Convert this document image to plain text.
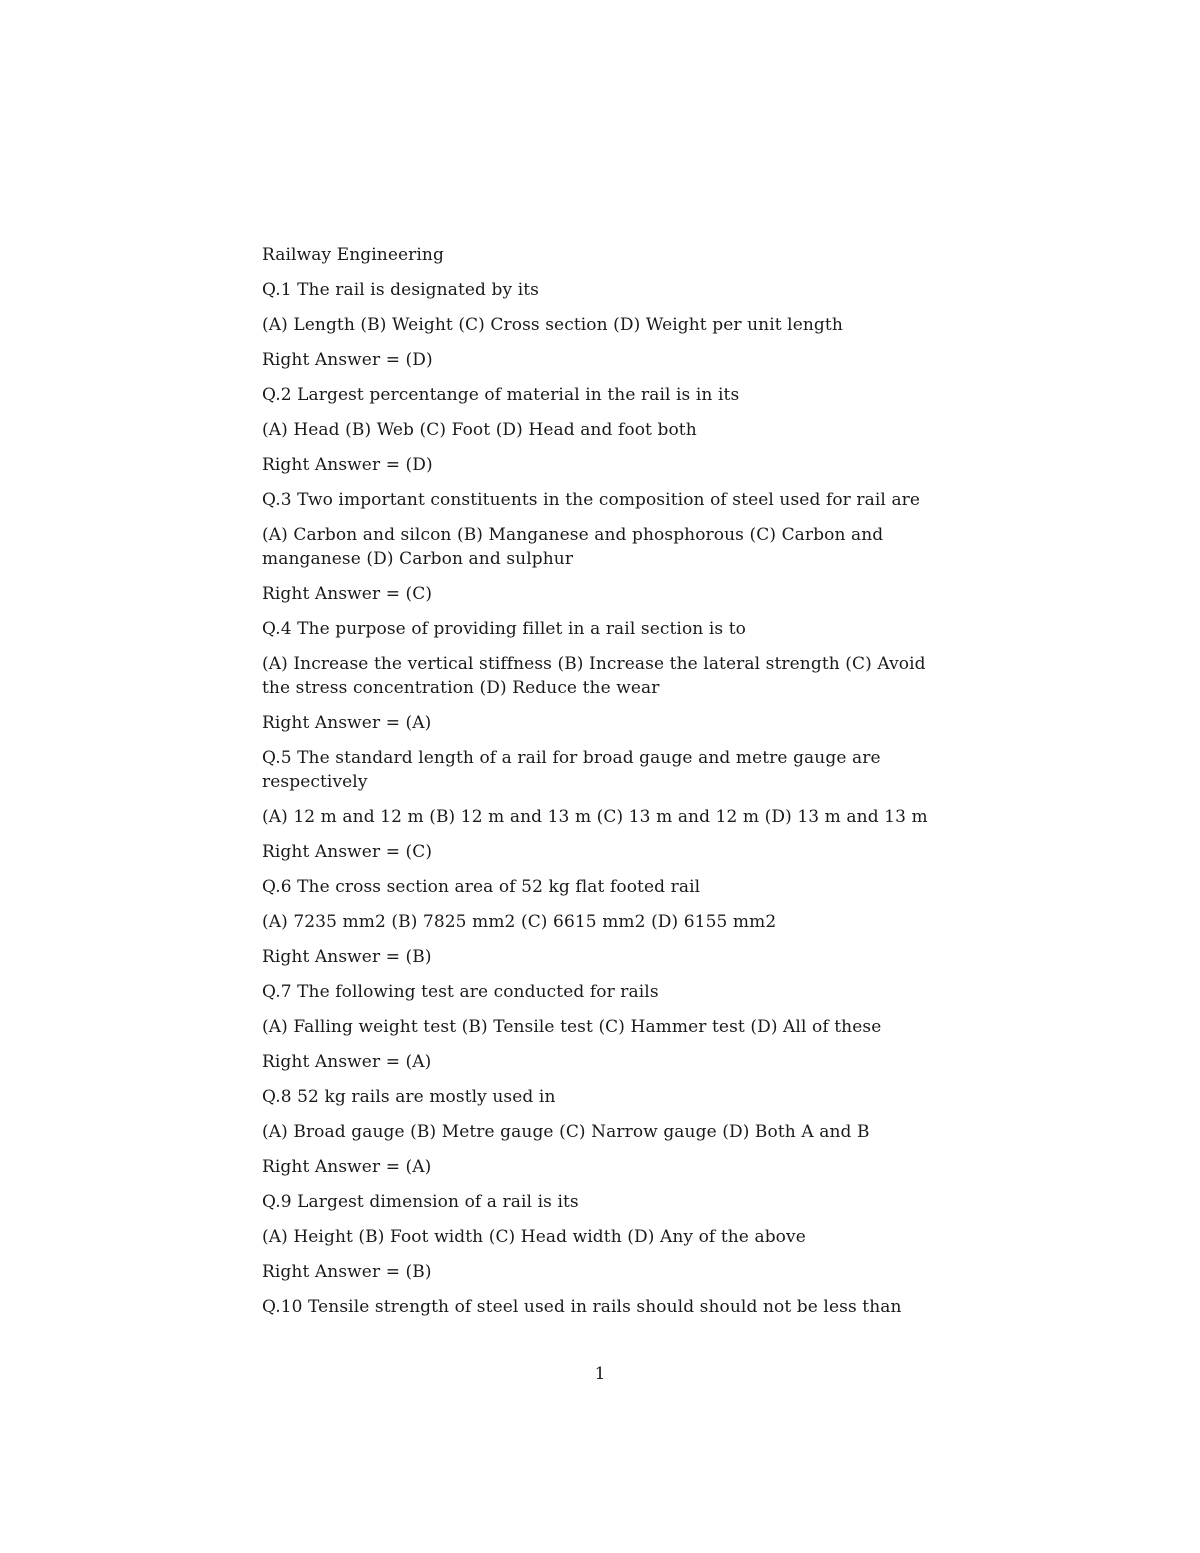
Railway Engineering

Q.1 The rail is designated by its

(A) Length (B) Weight (C) Cross section (D) Weight per unit length

Right Answer = (D)

Q.2 Largest percentange of material in the rail is in its

(A) Head (B) Web (C) Foot (D) Head and foot both

Right Answer = (D)

Q.3 Two important constituents in the composition of steel used for rail are

(A) Carbon and silcon (B) Manganese and phosphorous (C) Carbon and manganese (D) Carbon and sulphur

Right Answer = (C)

Q.4 The purpose of providing fillet in a rail section is to

(A) Increase the vertical stiffness (B) Increase the lateral strength (C) Avoid the stress concentration (D) Reduce the wear

Right Answer = (A)

Q.5 The standard length of a rail for broad gauge and metre gauge are respectively

(A) 12 m and 12 m (B) 12 m and 13 m (C) 13 m and 12 m (D) 13 m and 13 m

Right Answer = (C)

Q.6 The cross section area of 52 kg flat footed rail

(A) 7235 mm2 (B) 7825 mm2 (C) 6615 mm2 (D) 6155 mm2

Right Answer = (B)

Q.7 The following test are conducted for rails

(A) Falling weight test (B) Tensile test (C) Hammer test (D) All of these

Right Answer = (A)

Q.8 52 kg rails are mostly used in

(A) Broad gauge (B) Metre gauge (C) Narrow gauge (D) Both A and B

Right Answer = (A)

Q.9 Largest dimension of a rail is its

(A) Height (B) Foot width (C) Head width (D) Any of the above

Right Answer = (B)

Q.10 Tensile strength of steel used in rails should should not be less than

1
